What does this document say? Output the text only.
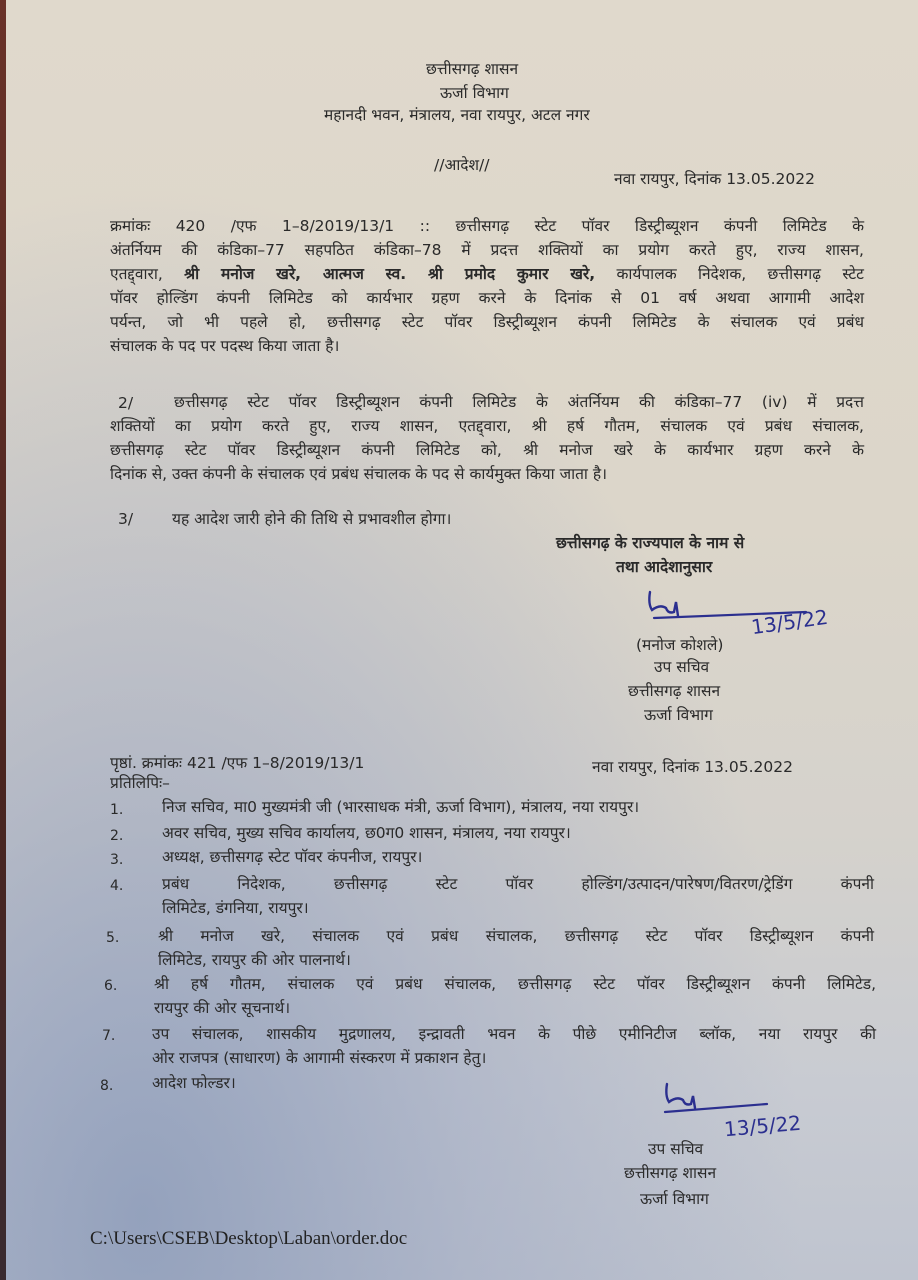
छत्तीसगढ़ शासन
ऊर्जा विभाग
महानदी भवन, मंत्रालय, नवा रायपुर, अटल नगर
//आदेश//
नवा रायपुर, दिनांक 13.05.2022
क्रमांकः 420 /एफ 1–8/2019/13/1 :: छत्तीसगढ़ स्टेट पॉवर डिस्ट्रीब्यूशन कंपनी लिमिटेड के
अंतर्नियम की कंडिका–77 सहपठित कंडिका–78 में प्रदत्त शक्तियों का प्रयोग करते हुए, राज्य शासन,
एतद्द्वारा, श्री मनोज खरे, आत्मज स्व. श्री प्रमोद कुमार खरे, कार्यपालक निदेशक, छत्तीसगढ़ स्टेट
पॉवर होल्डिंग कंपनी लिमिटेड को कार्यभार ग्रहण करने के दिनांक से 01 वर्ष अथवा आगामी आदेश
पर्यन्त, जो भी पहले हो, छत्तीसगढ़ स्टेट पॉवर डिस्ट्रीब्यूशन कंपनी लिमिटेड के संचालक एवं प्रबंध
संचालक के पद पर पदस्थ किया जाता है।
2/	छत्तीसगढ़ स्टेट पॉवर डिस्ट्रीब्यूशन कंपनी लिमिटेड के अंतर्नियम की कंडिका–77 (iv) में प्रदत्त
शक्तियों का प्रयोग करते हुए, राज्य शासन, एतद्द्वारा, श्री हर्ष गौतम, संचालक एवं प्रबंध संचालक,
छत्तीसगढ़ स्टेट पॉवर डिस्ट्रीब्यूशन कंपनी लिमिटेड को, श्री मनोज खरे के कार्यभार ग्रहण करने के
दिनांक से, उक्त कंपनी के संचालक एवं प्रबंध संचालक के पद से कार्यमुक्त किया जाता है।
3/	यह आदेश जारी होने की तिथि से प्रभावशील होगा।
छत्तीसगढ़ के राज्यपाल के नाम से
तथा आदेशानुसार
13/5/22
(मनोज कोशले)
उप सचिव
छत्तीसगढ़ शासन
ऊर्जा विभाग
पृष्ठां. क्रमांकः 421 /एफ 1–8/2019/13/1	नवा रायपुर, दिनांक 13.05.2022
प्रतिलिपिः–
1. निज सचिव, मा0 मुख्यमंत्री जी (भारसाधक मंत्री, ऊर्जा विभाग), मंत्रालय, नया रायपुर।
2. अवर सचिव, मुख्य सचिव कार्यालय, छ0ग0 शासन, मंत्रालय, नया रायपुर।
3. अध्यक्ष, छत्तीसगढ़ स्टेट पॉवर कंपनीज, रायपुर।
4. प्रबंध निदेशक, छत्तीसगढ़ स्टेट पॉवर होल्डिंग/उत्पादन/पारेषण/वितरण/ट्रेडिंग कंपनी
लिमिटेड, डंगनिया, रायपुर।
5. श्री मनोज खरे, संचालक एवं प्रबंध संचालक, छत्तीसगढ़ स्टेट पॉवर डिस्ट्रीब्यूशन कंपनी
लिमिटेड, रायपुर की ओर पालनार्थ।
6. श्री हर्ष गौतम, संचालक एवं प्रबंध संचालक, छत्तीसगढ़ स्टेट पॉवर डिस्ट्रीब्यूशन कंपनी लिमिटेड,
रायपुर की ओर सूचनार्थ।
7. उप संचालक, शासकीय मुद्रणालय, इन्द्रावती भवन के पीछे एमीनिटीज ब्लॉक, नया रायपुर की
ओर राजपत्र (साधारण) के आगामी संस्करण में प्रकाशन हेतु।
8. आदेश फोल्डर।
13/5/22
उप सचिव
छत्तीसगढ़ शासन
ऊर्जा विभाग
C:\Users\CSEB\Desktop\Laban\order.doc
